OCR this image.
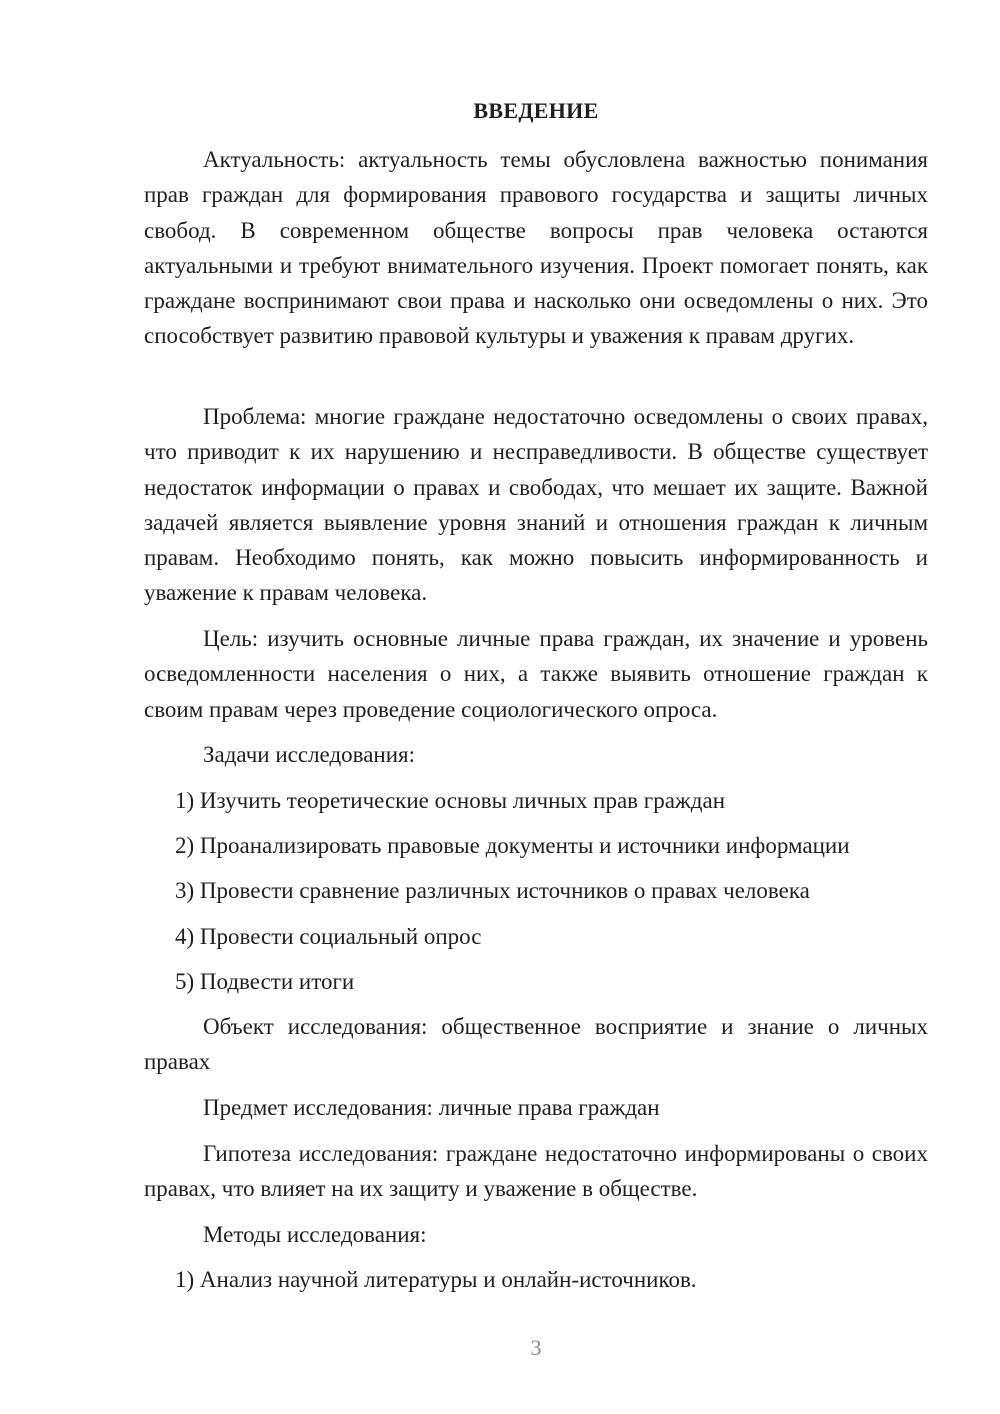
ВВЕДЕНИЕ

Актуальность: актуальность темы обусловлена важностью понимания прав граждан для формирования правового государства и защиты личных свобод. В современном обществе вопросы прав человека остаются актуальными и требуют внимательного изучения. Проект помогает понять, как граждане воспринимают свои права и насколько они осведомлены о них. Это способствует развитию правовой культуры и уважения к правам других.

Проблема: многие граждане недостаточно осведомлены о своих правах, что приводит к их нарушению и несправедливости. В обществе существует недостаток информации о правах и свободах, что мешает их защите. Важной задачей является выявление уровня знаний и отношения граждан к личным правам. Необходимо понять, как можно повысить информированность и уважение к правам человека.

Цель: изучить основные личные права граждан, их значение и уровень осведомленности населения о них, а также выявить отношение граждан к своим правам через проведение социологического опроса.

Задачи исследования:

1) Изучить теоретические основы личных прав граждан

2) Проанализировать правовые документы и источники информации

3) Провести сравнение различных источников о правах человека

4) Провести социальный опрос

5) Подвести итоги

Объект исследования: общественное восприятие и знание о личных правах

Предмет исследования: личные права граждан

Гипотеза исследования: граждане недостаточно информированы о своих правах, что влияет на их защиту и уважение в обществе.

Методы исследования:

1) Анализ научной литературы и онлайн-источников.

3
